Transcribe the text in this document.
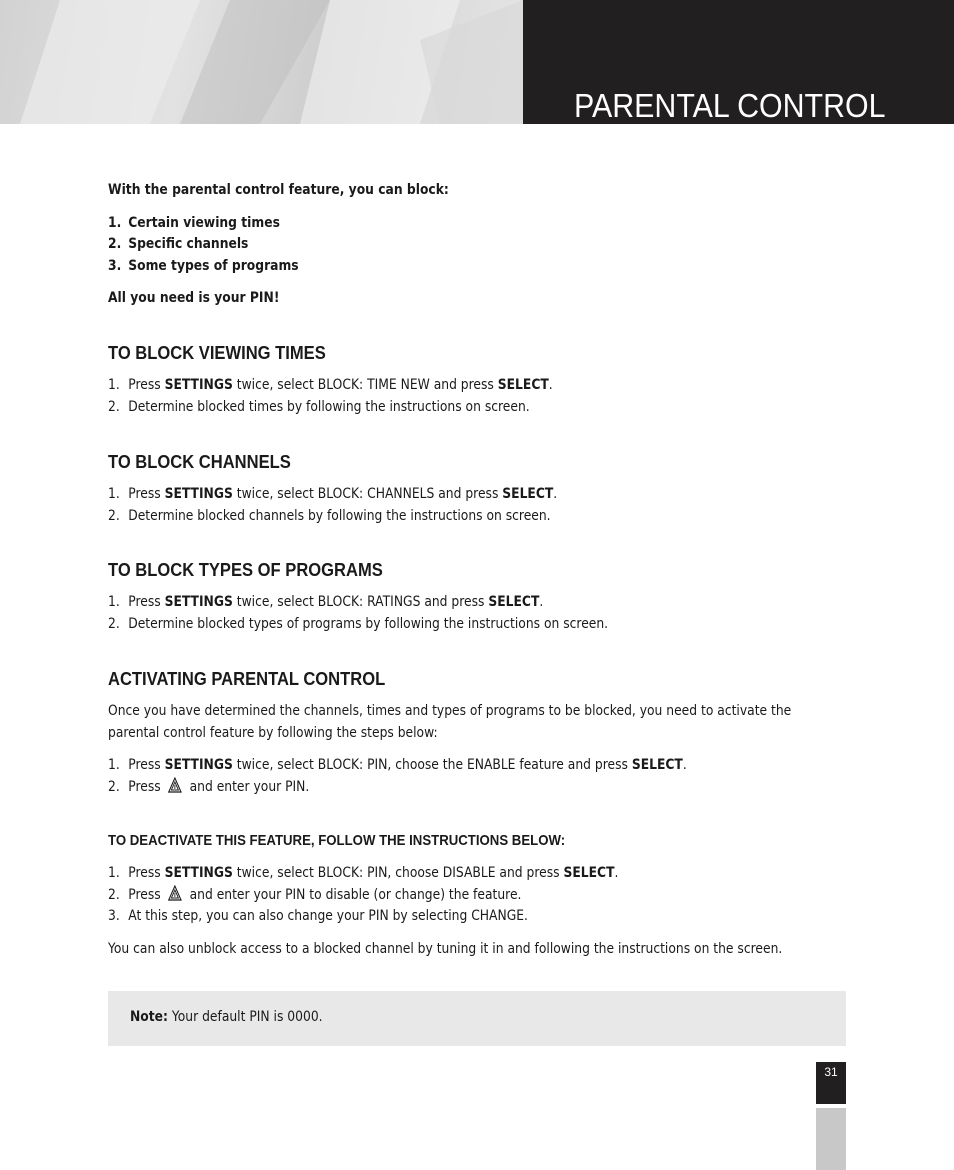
PARENTAL CONTROL

With the parental control feature, you can block:

1. Certain viewing times
2. Specific channels
3. Some types of programs

All you need is your PIN!

TO BLOCK VIEWING TIMES
1. Press SETTINGS twice, select BLOCK: TIME NEW and press SELECT.
2. Determine blocked times by following the instructions on screen.
TO BLOCK CHANNELS
1. Press SETTINGS twice, select BLOCK: CHANNELS and press SELECT.
2. Determine blocked channels by following the instructions on screen.
TO BLOCK TYPES OF PROGRAMS
1. Press SETTINGS twice, select BLOCK: RATINGS and press SELECT.
2. Determine blocked types of programs by following the instructions on screen.
ACTIVATING PARENTAL CONTROL

Once you have determined the channels, times and types of programs to be blocked, you need to activate the

parental control feature by following the steps below:

1. Press SETTINGS twice, select BLOCK: PIN, choose the ENABLE feature and press SELECT.
2. Press  and enter your PIN.
TO DEACTIVATE THIS FEATURE, FOLLOW THE INSTRUCTIONS BELOW:
1. Press SETTINGS twice, select BLOCK: PIN, choose DISABLE and press SELECT.
2. Press  and enter your PIN to disable (or change) the feature.
3. At this step, you can also change your PIN by selecting CHANGE.

You can also unblock access to a blocked channel by tuning it in and following the instructions on the screen.

Note: Your default PIN is 0000.
31
